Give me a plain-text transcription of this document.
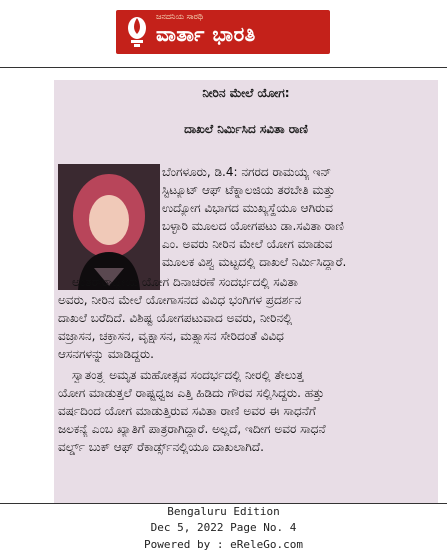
ಜನದನಿಯ ಸಾರಥಿ
ವಾರ್ತಾ ಭಾರತಿ
ನೀರಿನ ಮೇಲೆ ಯೋಗ:
ದಾಖಲೆ ನಿರ್ಮಿಸಿದ ಸವಿತಾ ರಾಣಿ
ಬೆಂಗಳೂರು, ಡಿ.4: ನಗರದ ರಾಮಯ್ಯ ಇನ್
ಸ್ಟಿಟ್ಯೂಟ್ ಆಫ್ ಟೆಕ್ನಾಲಜಿಯ ತರಬೇತಿ ಮತ್ತು
ಉದ್ಯೋಗ ವಿಭಾಗದ ಮುಖ್ಯಸ್ಥೆಯೂ ಆಗಿರುವ
ಬಳ್ಳಾರಿ ಮೂಲದ ಯೋಗಪಟು ಡಾ.ಸವಿತಾ ರಾಣಿ
ಎಂ. ಅವರು ನೀರಿನ ಮೇಲೆ ಯೋಗ ಮಾಡುವ
ಮೂಲಕ ವಿಶ್ವ ಮಟ್ಟದಲ್ಲಿ ದಾಖಲೆ ನಿರ್ಮಿಸಿದ್ದಾರೆ.
ಅಂತರ್‌ರಾಷ್ಟ್ರೀಯ ಯೋಗ ದಿನಾಚರಣೆ ಸಂದರ್ಭದಲ್ಲಿ ಸವಿತಾ
ಅವರು, ನೀರಿನ ಮೇಲೆ ಯೋಗಾಸನದ ವಿವಿಧ ಭಂಗಿಗಳ ಪ್ರದರ್ಶನ
ದಾಖಲೆ ಬರೆದಿದೆ. ವಿಶಿಷ್ಟ ಯೋಗಪಟುವಾದ ಅವರು, ನೀರಿನಲ್ಲಿ
ವಜ್ರಾಸನ, ಚಕ್ರಾಸನ, ವೃಕ್ಷಾಸನ, ಮತ್ಸ್ಯಾಸನ ಸೇರಿದಂತೆ ವಿವಿಧ
ಆಸನಗಳನ್ನು ಮಾಡಿದ್ದರು.
ಸ್ವಾತಂತ್ರ್ಯ ಅಮೃತ ಮಹೋತ್ಸವ ಸಂದರ್ಭದಲ್ಲಿ ನೀರಲ್ಲಿ ತೇಲುತ್ತ
ಯೋಗ ಮಾಡುತ್ತಲೆ ರಾಷ್ಟ್ರಧ್ವಜ ಎತ್ತಿ ಹಿಡಿದು ಗೌರವ ಸಲ್ಲಿಸಿದ್ದರು. ಹತ್ತು
ವರ್ಷದಿಂದ ಯೋಗ ಮಾಡುತ್ತಿರುವ ಸವಿತಾ ರಾಣಿ ಅವರ ಈ ಸಾಧನೆಗೆ
ಜಲಕನ್ಯೆ ಎಂಬ ಖ್ಯಾತಿಗೆ ಪಾತ್ರರಾಗಿದ್ದಾರೆ. ಅಲ್ಲದೆ, ಇದೀಗ ಅವರ ಸಾಧನೆ
ವರ್ಲ್ಡ್ ಬುಕ್ ಆಫ್ ರೆಕಾರ್ಡ್ಸ್‌ನಲ್ಲಿಯೂ ದಾಖಲಾಗಿದೆ.
Bengaluru Edition
Dec 5, 2022 Page No. 4
Powered by : eReleGo.com
